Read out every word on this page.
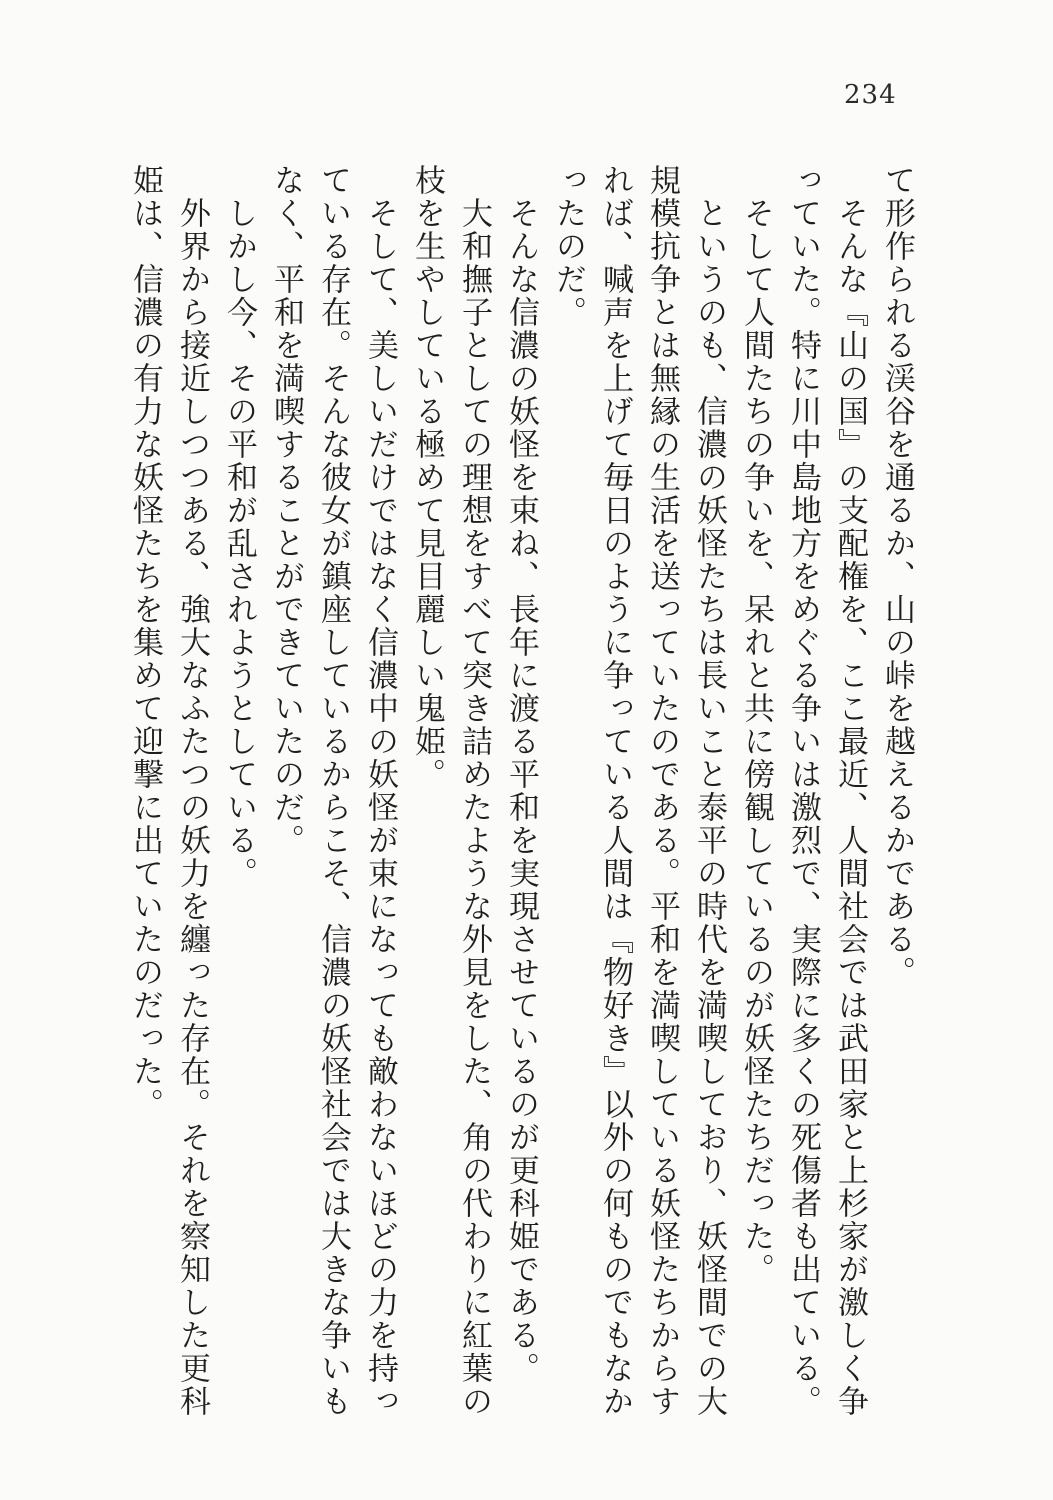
234

て形作られる渓谷を通るか、山の峠を越えるかである。

そんな『山の国』の支配権を、ここ最近、人間社会では武田家と上杉家が激しく争っていた。特に川中島地方をめぐる争いは激烈で、実際に多くの死傷者も出ている。

そして人間たちの争いを、呆れと共に傍観しているのが妖怪たちだった。

というのも、信濃の妖怪たちは長いこと泰平の時代を満喫しており、妖怪間での大規模抗争とは無縁の生活を送っていたのである。平和を満喫している妖怪たちからすれば、喊声を上げて毎日のように争っている人間は『物好き』以外の何ものでもなかったのだ。

そんな信濃の妖怪を束ね、長年に渡る平和を実現させているのが更科姫である。

大和撫子としての理想をすべて突き詰めたような外見をした、角の代わりに紅葉の枝を生やしている極めて見目麗しい鬼姫。

そして、美しいだけではなく信濃中の妖怪が束になっても敵わないほどの力を持っている存在。そんな彼女が鎮座しているからこそ、信濃の妖怪社会では大きな争いもなく、平和を満喫することができていたのだ。

しかし今、その平和が乱されようとしている。

外界から接近しつつある、強大なふたつの妖力を纏った存在。それを察知した更科姫は、信濃の有力な妖怪たちを集めて迎撃に出ていたのだった。
